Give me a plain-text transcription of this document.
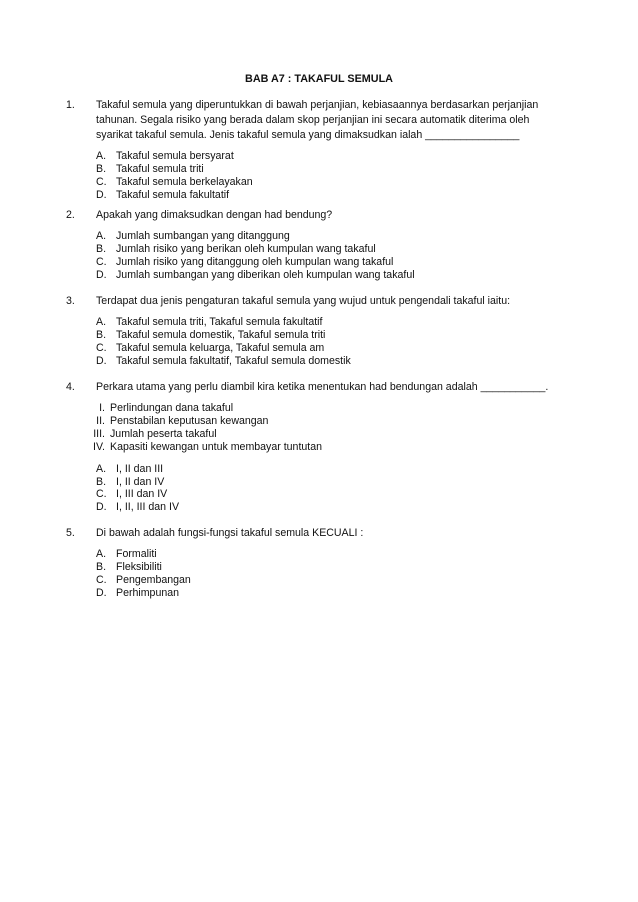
BAB A7 : TAKAFUL SEMULA
1.	Takaful semula yang diperuntukkan di bawah perjanjian, kebiasaannya berdasarkan perjanjian
tahunan. Segala risiko yang berada dalam skop perjanjian ini secara automatik diterima oleh
syarikat takaful semula. Jenis takaful semula yang dimaksudkan ialah ________________
A. Takaful semula bersyarat
B. Takaful semula triti
C. Takaful semula berkelayakan
D. Takaful semula fakultatif
2.	Apakah yang dimaksudkan dengan had bendung?
A. Jumlah sumbangan yang ditanggung
B. Jumlah risiko yang berikan oleh kumpulan wang takaful
C. Jumlah risiko yang ditanggung oleh kumpulan wang takaful
D. Jumlah sumbangan yang diberikan oleh kumpulan wang takaful
3.	Terdapat dua jenis pengaturan takaful semula yang wujud untuk pengendali takaful iaitu:
A. Takaful semula triti, Takaful semula fakultatif
B. Takaful semula domestik, Takaful semula triti
C. Takaful semula keluarga, Takaful semula am
D. Takaful semula fakultatif, Takaful semula domestik
4.	Perkara utama yang perlu diambil kira ketika menentukan had bendungan adalah ___________.
I. Perlindungan dana takaful
II. Penstabilan keputusan kewangan
III. Jumlah peserta takaful
IV. Kapasiti kewangan untuk membayar tuntutan
A. I, II dan III
B. I, II dan IV
C. I, III dan IV
D. I, II, III dan IV
5.	Di bawah adalah fungsi-fungsi takaful semula KECUALI :
A. Formaliti
B. Fleksibiliti
C. Pengembangan
D. Perhimpunan
